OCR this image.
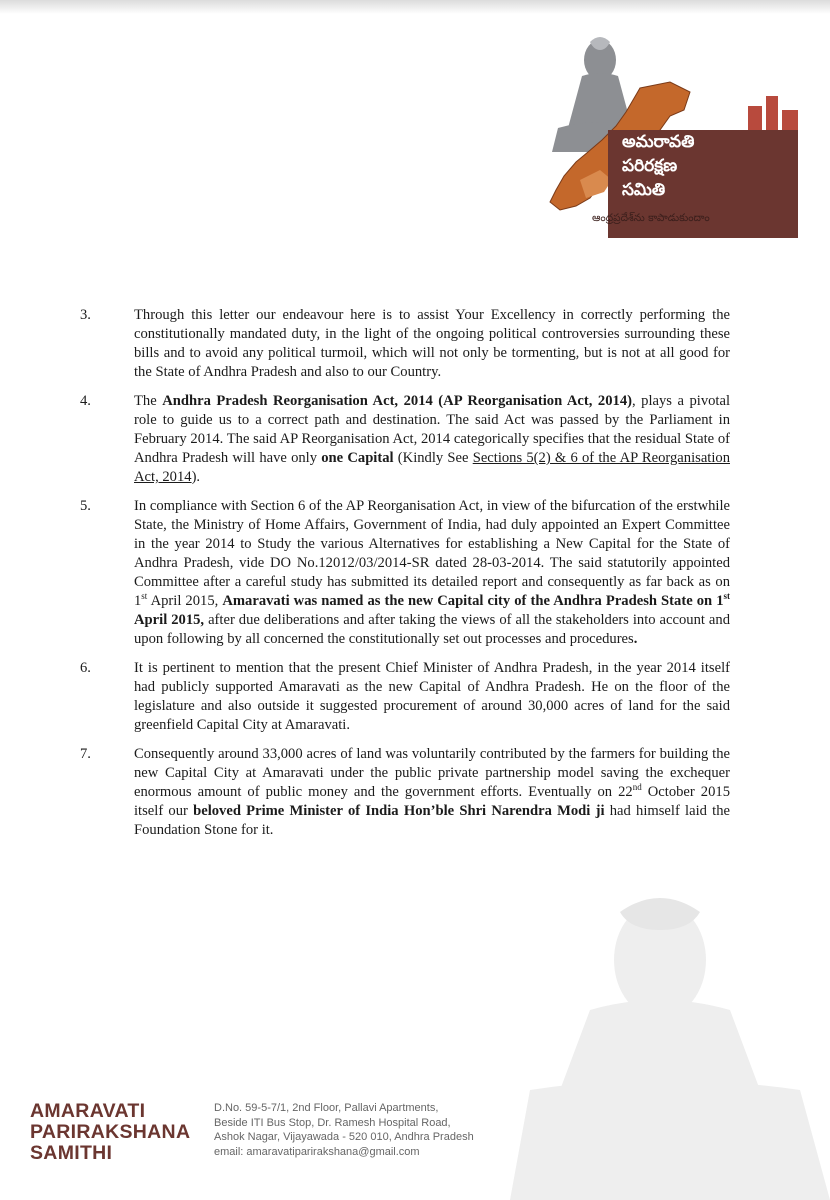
అమరావతి
పరిరక్షణ
సమితి
ఆంధ్రప్రదేశ్‌ను కాపాడుకుందాం
3.	Through this letter our endeavour here is to assist Your Excellency in correctly performing the constitutionally mandated duty, in the light of the ongoing political controversies surrounding these bills and to avoid any political turmoil, which will not only be tormenting, but is not at all good for the State of Andhra Pradesh and also to our Country.
4.	The Andhra Pradesh Reorganisation Act, 2014 (AP Reorganisation Act, 2014), plays a pivotal role to guide us to a correct path and destination. The said Act was passed by the Parliament in February 2014. The said AP Reorganisation Act, 2014 categorically specifies that the residual State of Andhra Pradesh will have only one Capital (Kindly See Sections 5(2) & 6 of the AP Reorganisation Act, 2014).
5.	In compliance with Section 6 of the AP Reorganisation Act, in view of the bifurcation of the erstwhile State, the Ministry of Home Affairs, Government of India, had duly appointed an Expert Committee in the year 2014 to Study the various Alternatives for establishing a New Capital for the State of Andhra Pradesh, vide DO No.12012/03/2014-SR dated 28-03-2014. The said statutorily appointed Committee after a careful study has submitted its detailed report and consequently as far back as on 1st April 2015, Amaravati was named as the new Capital city of the Andhra Pradesh State on 1st April 2015, after due deliberations and after taking the views of all the stakeholders into account and upon following by all concerned the constitutionally set out processes and procedures.
6.	It is pertinent to mention that the present Chief Minister of Andhra Pradesh, in the year 2014 itself had publicly supported Amaravati as the new Capital of Andhra Pradesh. He on the floor of the legislature and also outside it suggested procurement of around 30,000 acres of land for the said greenfield Capital City at Amaravati.
7.	Consequently around 33,000 acres of land was voluntarily contributed by the farmers for building the new Capital City at Amaravati under the public private partnership model saving the exchequer enormous amount of public money and the government efforts. Eventually on 22nd October 2015 itself our beloved Prime Minister of India Hon’ble Shri Narendra Modi ji had himself laid the Foundation Stone for it.
AMARAVATI
PARIRAKSHANA
SAMITHI
D.No. 59-5-7/1, 2nd Floor, Pallavi Apartments,
Beside ITI Bus Stop, Dr. Ramesh Hospital Road,
Ashok Nagar, Vijayawada - 520 010, Andhra Pradesh
email: amaravatiparirakshana@gmail.com
